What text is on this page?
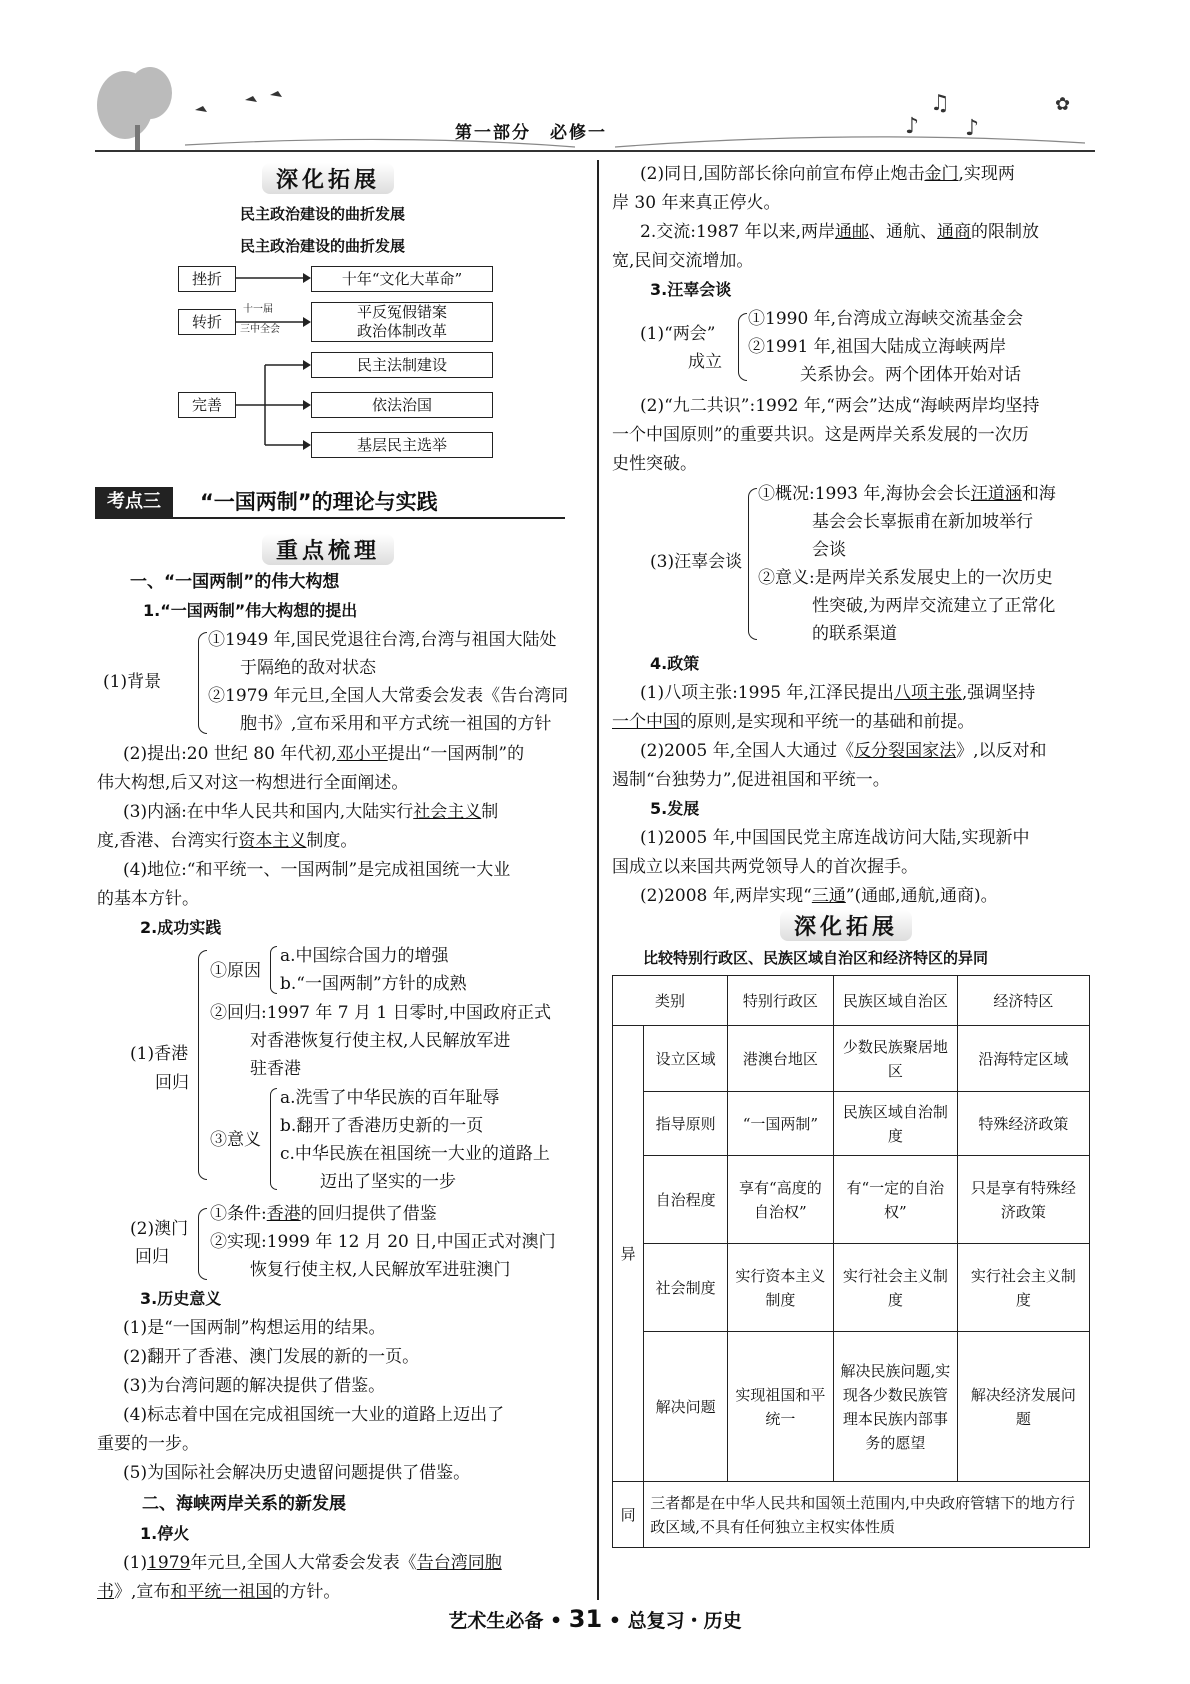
♪
♫
♪
✿
第一部分　必修一
深化拓展
民主政治建设的曲折发展
民主政治建设的曲折发展
挫折
转折
完善
十一届
三中全会
十年“文化大革命”
平反冤假错案
政治体制改革
民主法制建设
依法治国
基层民主选举
考点三	“一国两制”的理论与实践
重点梳理
一、“一国两制”的伟大构想
1.“一国两制”伟大构想的提出
(1)背景
①1949 年,国民党退往台湾,台湾与祖国大陆处
于隔绝的敌对状态
②1979 年元旦,全国人大常委会发表《告台湾同
胞书》,宣布采用和平方式统一祖国的方针
(2)提出:20 世纪 80 年代初,邓小平提出“一国两制”的
伟大构想,后又对这一构想进行全面阐述。
(3)内涵:在中华人民共和国内,大陆实行社会主义制
度,香港、台湾实行资本主义制度。
(4)地位:“和平统一、一国两制”是完成祖国统一大业
的基本方针。
2.成功实践
(1)香港
回归
①原因
a.中国综合国力的增强
b.“一国两制”方针的成熟
②回归:1997 年 7 月 1 日零时,中国政府正式
对香港恢复行使主权,人民解放军进
驻香港
③意义
a.洗雪了中华民族的百年耻辱
b.翻开了香港历史新的一页
c.中华民族在祖国统一大业的道路上
迈出了坚实的一步
(2)澳门
回归
①条件:香港的回归提供了借鉴
②实现:1999 年 12 月 20 日,中国正式对澳门
恢复行使主权,人民解放军进驻澳门
3.历史意义
(1)是“一国两制”构想运用的结果。
(2)翻开了香港、澳门发展的新的一页。
(3)为台湾问题的解决提供了借鉴。
(4)标志着中国在完成祖国统一大业的道路上迈出了
重要的一步。
(5)为国际社会解决历史遗留问题提供了借鉴。
二、海峡两岸关系的新发展
1.停火
(1)1979年元旦,全国人大常委会发表《告台湾同胞
书》,宣布和平统一祖国的方针。
(2)同日,国防部长徐向前宣布停止炮击金门,实现两
岸 30 年来真正停火。
2.交流:1987 年以来,两岸通邮、通航、通商的限制放
宽,民间交流增加。
3.汪辜会谈
(1)“两会”
成立
①1990 年,台湾成立海峡交流基金会
②1991 年,祖国大陆成立海峡两岸
关系协会。两个团体开始对话
(2)“九二共识”:1992 年,“两会”达成“海峡两岸均坚持
一个中国原则”的重要共识。这是两岸关系发展的一次历
史性突破。
(3)汪辜会谈
①概况:1993 年,海协会会长汪道涵和海
基会会长辜振甫在新加坡举行
会谈
②意义:是两岸关系发展史上的一次历史
性突破,为两岸交流建立了正常化
的联系渠道
4.政策
(1)八项主张:1995 年,江泽民提出八项主张,强调坚持
一个中国的原则,是实现和平统一的基础和前提。
(2)2005 年,全国人大通过《反分裂国家法》,以反对和
遏制“台独势力”,促进祖国和平统一。
5.发展
(1)2005 年,中国国民党主席连战访问大陆,实现新中
国成立以来国共两党领导人的首次握手。
(2)2008 年,两岸实现“三通”(通邮,通航,通商)。
深化拓展
比较特别行政区、民族区域自治区和经济特区的异同
类别		特别行政区	民族区域自治区	经济特区
异	设立区域	港澳台地区	少数民族聚居地区	沿海特定区域
	指导原则	“一国两制”	民族区域自治制度	特殊经济政策
	自治程度	享有“高度的自治权”	有“一定的自治权”	只是享有特殊经济政策
	社会制度	实行资本主义制度	实行社会主义制度	实行社会主义制度
	解决问题	实现祖国和平统一	解决民族问题,实现各少数民族管理本民族内部事务的愿望	解决经济发展问题
同	三者都是在中华人民共和国领土范围内,中央政府管辖下的地方行政区域,不具有任何独立主权实体性质			
艺术生必备 • 31 • 总复习・历史
